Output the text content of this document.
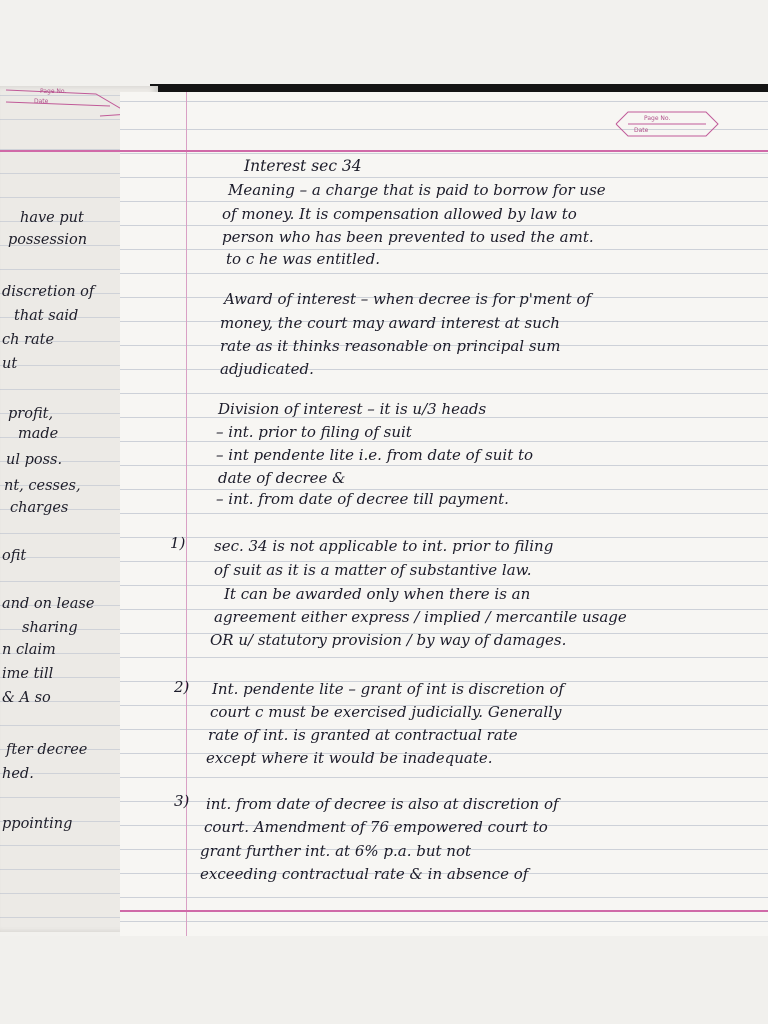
Page No.
Date
have put
possession
discretion of
that said
ch rate
ut
profit,
made
ul poss.
nt, cesses,
charges
ofit
and on lease
sharing
n claim
ime till
& A so
fter decree
hed.
ppointing
Page No.
Date
Interest sec 34
Meaning – a charge that is paid to borrow for use
of money. It is compensation allowed by law to
person who has been prevented to used the amt.
to c he was entitled.
Award of interest – when decree is for p'ment of
money, the court may award interest at such
rate as it thinks reasonable on principal sum
adjudicated.
Division of interest – it is u/3 heads
– int. prior to filing of suit
– int pendente lite i.e. from date of suit to
date of decree &
– int. from date of decree till payment.
1) sec. 34 is not applicable to int. prior to filing
of suit as it is a matter of substantive law.
It can be awarded only when there is an
agreement either express / implied / mercantile usage
OR u/ statutory provision / by way of damages.
2) Int. pendente lite – grant of int is discretion of
court c must be exercised judicially. Generally
rate of int. is granted at contractual rate
except where it would be inadequate.
3) int. from date of decree is also at discretion of
court. Amendment of 76 empowered court to
grant further int. at 6% p.a. but not
exceeding contractual rate & in absence of
